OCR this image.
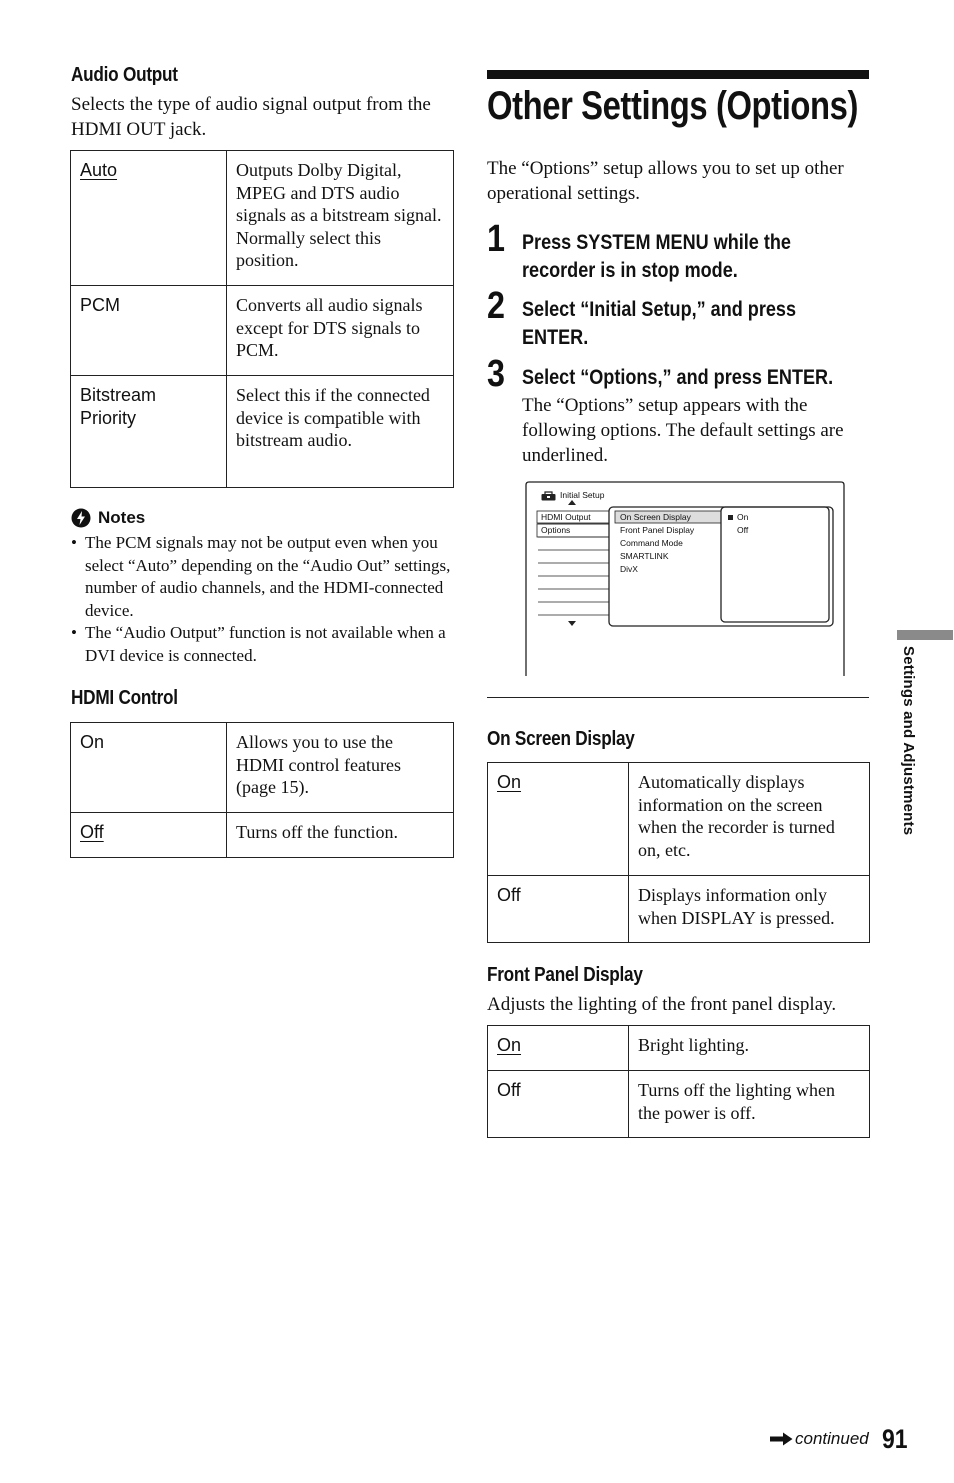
Audio Output
Selects the type of audio signal output from the HDMI OUT jack.
Auto	Outputs Dolby Digital, MPEG and DTS audio signals as a bitstream signal. Normally select this position.
PCM	Converts all audio signals except for DTS signals to PCM.
Bitstream Priority	Select this if the connected device is compatible with bitstream audio.
Notes
• The PCM signals may not be output even when you select “Auto” depending on the “Audio Out” settings, number of audio channels, and the HDMI-connected device.
• The “Audio Output” function is not available when a DVI device is connected.
HDMI Control
On	Allows you to use the HDMI control features (page 15).
Off	Turns off the function.
Other Settings (Options)
The “Options” setup allows you to set up other operational settings.
1 Press SYSTEM MENU while the
recorder is in stop mode.
2 Select “Initial Setup,” and press
ENTER.
3 Select “Options,” and press ENTER.
The “Options” setup appears with the following options. The default settings are underlined.
Initial Setup
HDMI Output
Options
On Screen Display
Front Panel Display
Command Mode
SMARTLINK
DivX
On
Off
On Screen Display
On	Automatically displays information on the screen when the recorder is turned on, etc.
Off	Displays information only when DISPLAY is pressed.
Front Panel Display
Adjusts the lighting of the front panel display.
On	Bright lighting.
Off	Turns off the lighting when the power is off.
Settings and Adjustments
continued 91
